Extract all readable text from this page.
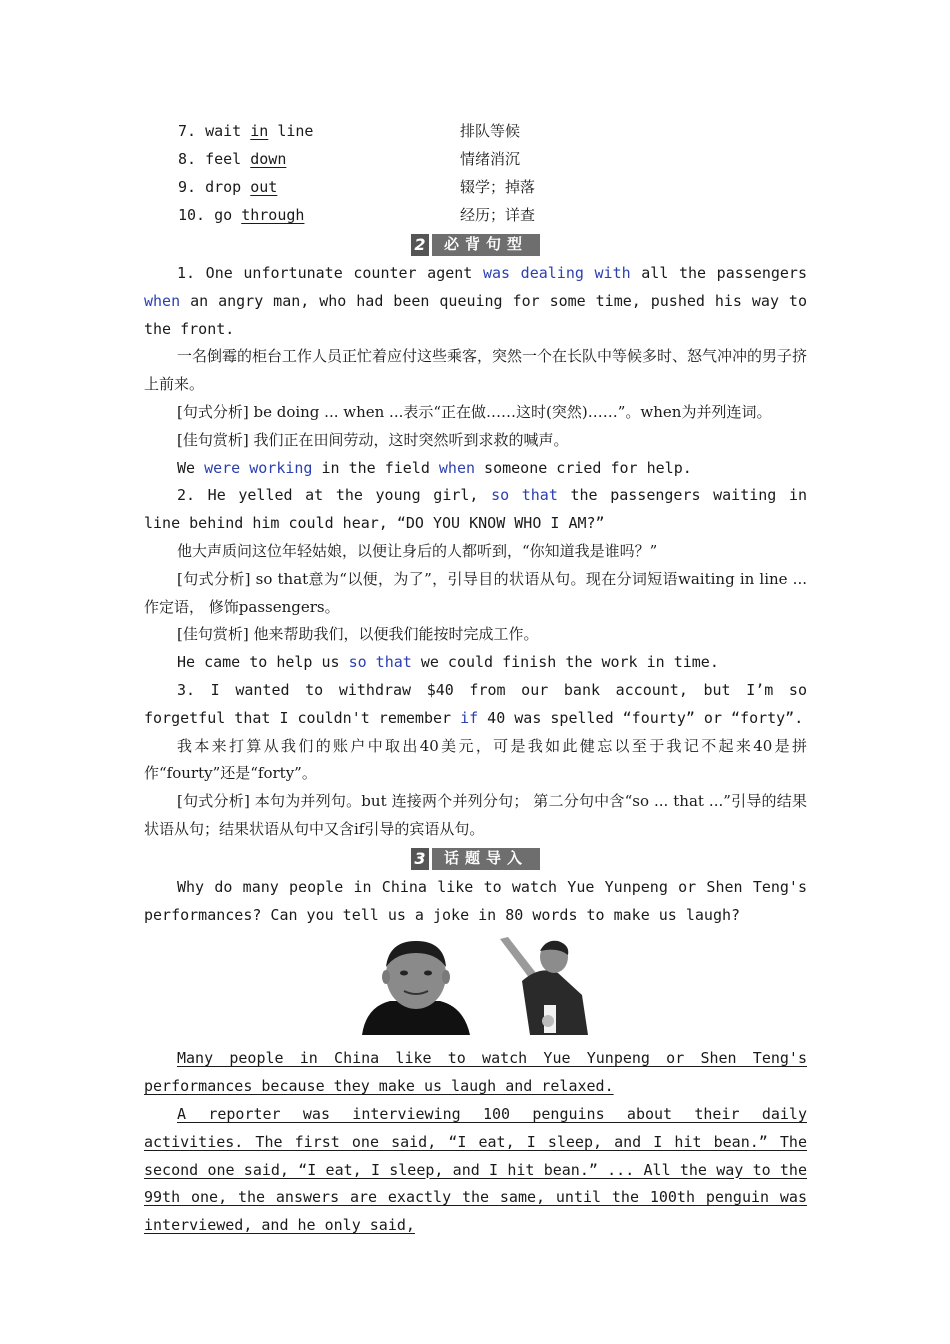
7. wait in line	排队等候
8. feel down	情绪消沉
9. drop out	辍学；掉落
10. go through	经历；详查
2	必背句型

1. One unfortunate counter agent was dealing with all the passengers when an angry man, who had been queuing for some time, pushed his way to the front.

一名倒霉的柜台工作人员正忙着应付这些乘客，突然一个在长队中等候多时、怒气冲冲的男子挤上前来。

[句式分析] be doing ... when ...表示“正在做……这时(突然)……”。when为并列连词。

[佳句赏析] 我们正在田间劳动，这时突然听到求救的喊声。

We were working in the field when someone cried for help.

2. He yelled at the young girl, so that the passengers waiting in line behind him could hear, “DO YOU KNOW WHO I AM?”

他大声质问这位年轻姑娘，以便让身后的人都听到，“你知道我是谁吗？”

[句式分析] so that意为“以便，为了”，引导目的状语从句。现在分词短语waiting in line ...作定语， 修饰passengers。

[佳句赏析] 他来帮助我们，以便我们能按时完成工作。

He came to help us so that we could finish the work in time.

3. I wanted to withdraw $40 from our bank account, but I’m so forgetful that I couldn't remember if 40 was spelled “fourty” or “forty”.

我本来打算从我们的账户中取出40美元，可是我如此健忘以至于我记不起来40是拼作“fourty”还是“forty”。

[句式分析] 本句为并列句。but 连接两个并列分句； 第二分句中含“so ... that ...”引导的结果状语从句；结果状语从句中又含if引导的宾语从句。

3	话题导入

Why do many people in China like to watch Yue Yunpeng or Shen Teng's performances? Can you tell us a joke in 80 words to make us laugh?

Many people in China like to watch Yue Yunpeng or Shen Teng's performances because they make us laugh and relaxed.

A reporter was interviewing 100 penguins about their daily activities. The first one said, “I eat, I sleep, and I hit bean.” The second one said, “I eat, I sleep, and I hit bean.” ... All the way to the 99th one, the answers are exactly the same, until the 100th penguin was interviewed, and he only said,
